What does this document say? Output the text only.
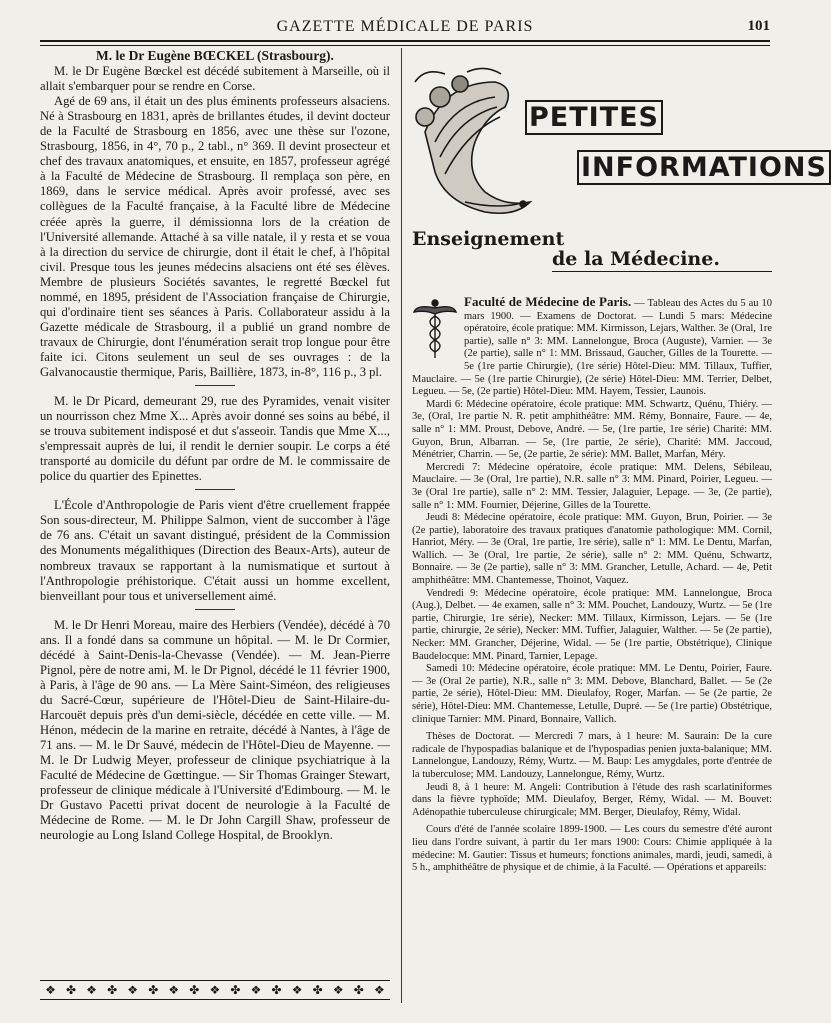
GAZETTE MÉDICALE DE PARIS	101

M. le Dr Eugène BŒCKEL (Strasbourg).

M. le Dr Eugène Bœckel est décédé subitement à Marseille, où il allait s'embarquer pour se rendre en Corse.

Agé de 69 ans, il était un des plus éminents professeurs alsaciens. Né à Strasbourg en 1831, après de brillantes études, il devint docteur de la Faculté de Strasbourg en 1856, avec une thèse sur l'ozone, Strasbourg, 1856, in 4°, 70 p., 2 tabl., n° 369. Il devint prosecteur et chef des travaux anatomiques, et ensuite, en 1857, professeur agrégé à la Faculté de Médecine de Strasbourg. Il remplaça son père, en 1869, dans le service médical. Après avoir professé, avec ses collègues de la Faculté française, à la Faculté libre de Médecine créée après la guerre, il démissionna lors de la création de l'Université allemande. Attaché à sa ville natale, il y resta et se voua à la direction du service de chirurgie, dont il était le chef, à l'hôpital civil. Presque tous les jeunes médecins alsaciens ont été ses élèves. Membre de plusieurs Sociétés savantes, le regretté Bœckel fut nommé, en 1895, président de l'Association française de Chirurgie, qui d'ordinaire tient ses séances à Paris. Collaborateur assidu à la Gazette médicale de Strasbourg, il a publié un grand nombre de travaux de Chirurgie, dont l'énumération serait trop longue pour être faite ici. Citons seulement un seul de ses ouvrages : de la Galvanocaustie thermique, Paris, Baillière, 1873, in-8°, 116 p., 3 pl.

M. le Dr Picard, demeurant 29, rue des Pyramides, venait visiter un nourrisson chez Mme X... Après avoir donné ses soins au bébé, il se trouva subitement indisposé et dut s'asseoir. Tandis que Mme X..., s'empressait auprès de lui, il rendit le dernier soupir. Le corps a été transporté au domicile du défunt par ordre de M. le commissaire de police du quartier des Epinettes.

L'École d'Anthropologie de Paris vient d'être cruellement frappée Son sous-directeur, M. Philippe Salmon, vient de succomber à l'âge de 76 ans. C'était un savant distingué, président de la Commission des Monuments mégalithiques (Direction des Beaux-Arts), auteur de nombreux travaux se rapportant à la numismatique et surtout à l'Anthropologie préhistorique. C'était aussi un homme excellent, bienveillant pour tous et universellement aimé.

M. le Dr Henri Moreau, maire des Herbiers (Vendée), décédé à 70 ans. Il a fondé dans sa commune un hôpital. — M. le Dr Cormier, décédé à Saint-Denis-la-Chevasse (Vendée). — M. Jean-Pierre Pignol, père de notre ami, M. le Dr Pignol, décédé le 11 février 1900, à Paris, à l'âge de 90 ans. — La Mère Saint-Siméon, des religieuses du Sacré-Cœur, supérieure de l'Hôtel-Dieu de Saint-Hilaire-du-Harcouët depuis près d'un demi-siècle, décédée en cette ville. — M. Hénon, médecin de la marine en retraite, décédé à Nantes, à l'âge de 71 ans. — M. le Dr Sauvé, médecin de l'Hôtel-Dieu de Mayenne. — M. le Dr Ludwig Meyer, professeur de clinique psychiatrique à la Faculté de Médecine de Gœttingue. — Sir Thomas Grainger Stewart, professeur de clinique médicale à l'Université d'Edimbourg. — M. le Dr Gustavo Pacetti privat docent de neurologie à la Faculté de Médecine de Rome. — M. le Dr John Cargill Shaw, professeur de neurologie au Long Island College Hospital, de Brooklyn.

❖ ✤ ❖ ✤ ❖ ✤ ❖ ✤ ❖ ✤ ❖ ✤ ❖ ✤ ❖ ✤ ❖
PETITES
INFORMATIONS
Enseignement
de la Médecine.

Faculté de Médecine de Paris. — Tableau des Actes du 5 au 10 mars 1900. — Examens de Doctorat. — Lundi 5 mars: Médecine opératoire, école pratique: MM. Kirmisson, Lejars, Walther. 3e (Oral, 1re partie), salle n° 3: MM. Lannelongue, Broca (Auguste), Varnier. — 3e (2e partie), salle n° 1: MM. Brissaud, Gaucher, Gilles de la Tourette. — 5e (1re partie Chirurgie), (1re série) Hôtel-Dieu: MM. Tillaux, Tuffier, Mauclaire. — 5e (1re partie Chirurgie), (2e série) Hôtel-Dieu: MM. Terrier, Delbet, Legueu. — 5e, (2e partie) Hôtel-Dieu: MM. Hayem, Tessier, Launois.

Mardi 6: Médecine opératoire, école pratique: MM. Schwartz, Quénu, Thiéry. — 3e, (Oral, 1re partie N. R. petit amphithéâtre: MM. Rémy, Bonnaire, Faure. — 4e, salle n° 1: MM. Proust, Debove, André. — 5e, (1re partie, 1re série) Charité: MM. Guyon, Brun, Albarran. — 5e, (1re partie, 2e série), Charité: MM. Jaccoud, Ménétrier, Charrin. — 5e, (2e partie, 2e série): MM. Ballet, Marfan, Méry.

Mercredi 7: Médecine opératoire, école pratique: MM. Delens, Sébileau, Mauclaire. — 3e (Oral, 1re partie), N.R. salle n° 3: MM. Pinard, Poirier, Legueu. — 3e (Oral 1re partie), salle n° 2: MM. Tessier, Jalaguier, Lepage. — 3e, (2e partie), salle n° 1: MM. Fournier, Déjerine, Gilles de la Tourette.

Jeudi 8: Médecine opératoire, école pratique: MM. Guyon, Brun, Poirier. — 3e (2e partie), laboratoire des travaux pratiques d'anatomie pathologique: MM. Cornil, Hanriot, Méry. — 3e (Oral, 1re partie, 1re série), salle n° 1: MM. Le Dentu, Marfan, Wallich. — 3e (Oral, 1re partie, 2e série), salle n° 2: MM. Quénu, Schwartz, Bonnaire. — 3e (2e partie), salle n° 3: MM. Grancher, Letulle, Achard. — 4e, Petit amphithéâtre: MM. Chantemesse, Thoinot, Vaquez.

Vendredi 9: Médecine opératoire, école pratique: MM. Lannelongue, Broca (Aug.), Delbet. — 4e examen, salle n° 3: MM. Pouchet, Landouzy, Wurtz. — 5e (1re partie, Chirurgie, 1re série), Necker: MM. Tillaux, Kirmisson, Lejars. — 5e (1re partie, chirurgie, 2e série), Necker: MM. Tuffier, Jalaguier, Walther. — 5e (2e partie), Necker: MM. Grancher, Déjerine, Widal. — 5e (1re partie, Obstétrique), Clinique Baudelocque: MM. Pinard, Tarnier, Lepage.

Samedi 10: Médecine opératoire, école pratique: MM. Le Dentu, Poirier, Faure. — 3e (Oral 2e partie), N.R., salle n° 3: MM. Debove, Blanchard, Ballet. — 5e (2e partie, 2e série), Hôtel-Dieu: MM. Dieulafoy, Roger, Marfan. — 5e (2e partie, 2e série), Hôtel-Dieu: MM. Chantemesse, Letulle, Dupré. — 5e (1re partie) Obstétrique, clinique Tarnier: MM. Pinard, Bonnaire, Vallich.

Thèses de Doctorat. — Mercredi 7 mars, à 1 heure: M. Saurain: De la cure radicale de l'hypospadias balanique et de l'hypospadias penien juxta-balanique; MM. Lannelongue, Landouzy, Rémy, Wurtz. — M. Baup: Les amygdales, porte d'entrée de la tuberculose; MM. Landouzy, Lannelongue, Rémy, Wurtz.

Jeudi 8, à 1 heure: M. Angeli: Contribution à l'étude des rash scarlatiniformes dans la fièvre typhoïde; MM. Dieulafoy, Berger, Rémy, Widal. — M. Bouvet: Adénopathie tuberculeuse chirurgicale; MM. Berger, Dieulafoy, Rémy, Widal.

Cours d'été de l'année scolaire 1899-1900. — Les cours du semestre d'été auront lieu dans l'ordre suivant, à partir du 1er mars 1900: Cours: Chimie appliquée à la médecine: M. Gautier: Tissus et humeurs; fonctions animales, mardi, jeudi, samedi, à 5 h., amphithéâtre de physique et de chimie, à la Faculté. — Opérations et appareils:
